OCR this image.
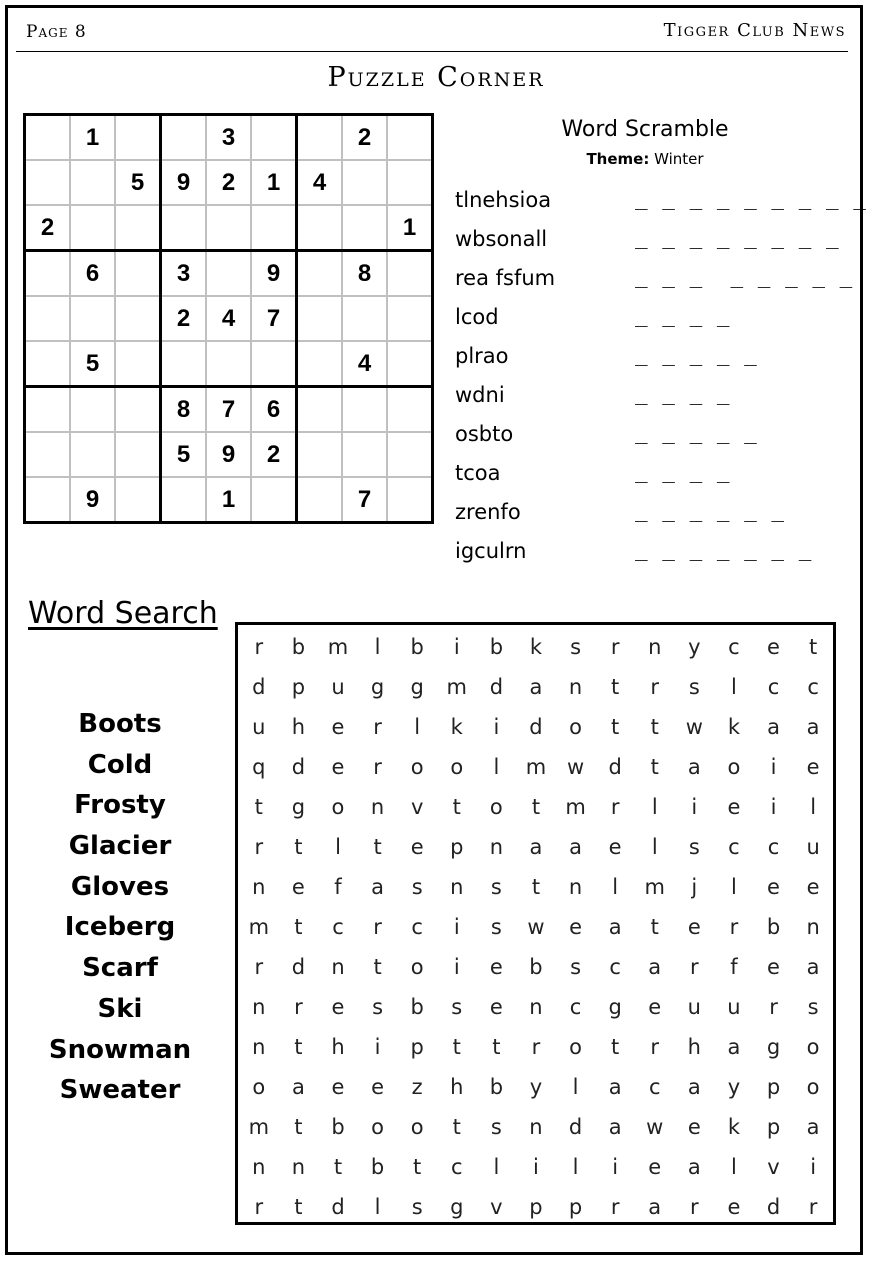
Page 8	Tigger Club News
Puzzle Corner
	1			3			2	
		5	9	2	1	4		
2								1
	6		3		9		8	
			2	4	7			
	5						4	
			8	7	6			
			5	9	2			
	9			1			7	
Word Scramble
Theme: Winter
tlnehsioa	_ _ _ _ _ _ _ _ _
wbsonall	_ _ _ _ _ _ _ _
rea fsfum	_ _ _  _ _ _ _ _
lcod	_ _ _ _
plrao	_ _ _ _ _
wdni	_ _ _ _
osbto	_ _ _ _ _
tcoa	_ _ _ _
zrenfo	_ _ _ _ _ _
igculrn	_ _ _ _ _ _ _
Word Search
Boots
Cold
Frosty
Glacier
Gloves
Iceberg
Scarf
Ski
Snowman
Sweater
r	b	m	l	b	i	b	k	s	r	n	y	c	e	t
d	p	u	g	g	m	d	a	n	t	r	s	l	c	c
u	h	e	r	l	k	i	d	o	t	t	w	k	a	a
q	d	e	r	o	o	l	m w	d	t	a	o	i	e
t	g	o	n	v	t	o	t	m	r	l	i	e	i	l
r	t	l	t	e	p	n	a	a	e	l	s	c	c	u
n	e	f	a	s	n	s	t	n	l	m	j	l	e	e
m	t	c	r	c	i	s	w	e	a	t	e	r	b	n
r	d	n	t	o	i	e	b	s	c	a	r	f	e	a
n	r	e	s	b	s	e	n	c	g	e	u	u	r	s
n	t	h	i	p	t	t	r	o	t	r	h	a	g	o
o	a	e	e	z	h	b	y	l	a	c	a	y	p	o
m	t	b	o	o	t	s	n	d	a	w	e	k	p	a
n	n	t	b	t	c	l	i	l	i	e	a	l	v	i
r	t	d	l	s	g	v	p	p	r	a	r	e	d	r
